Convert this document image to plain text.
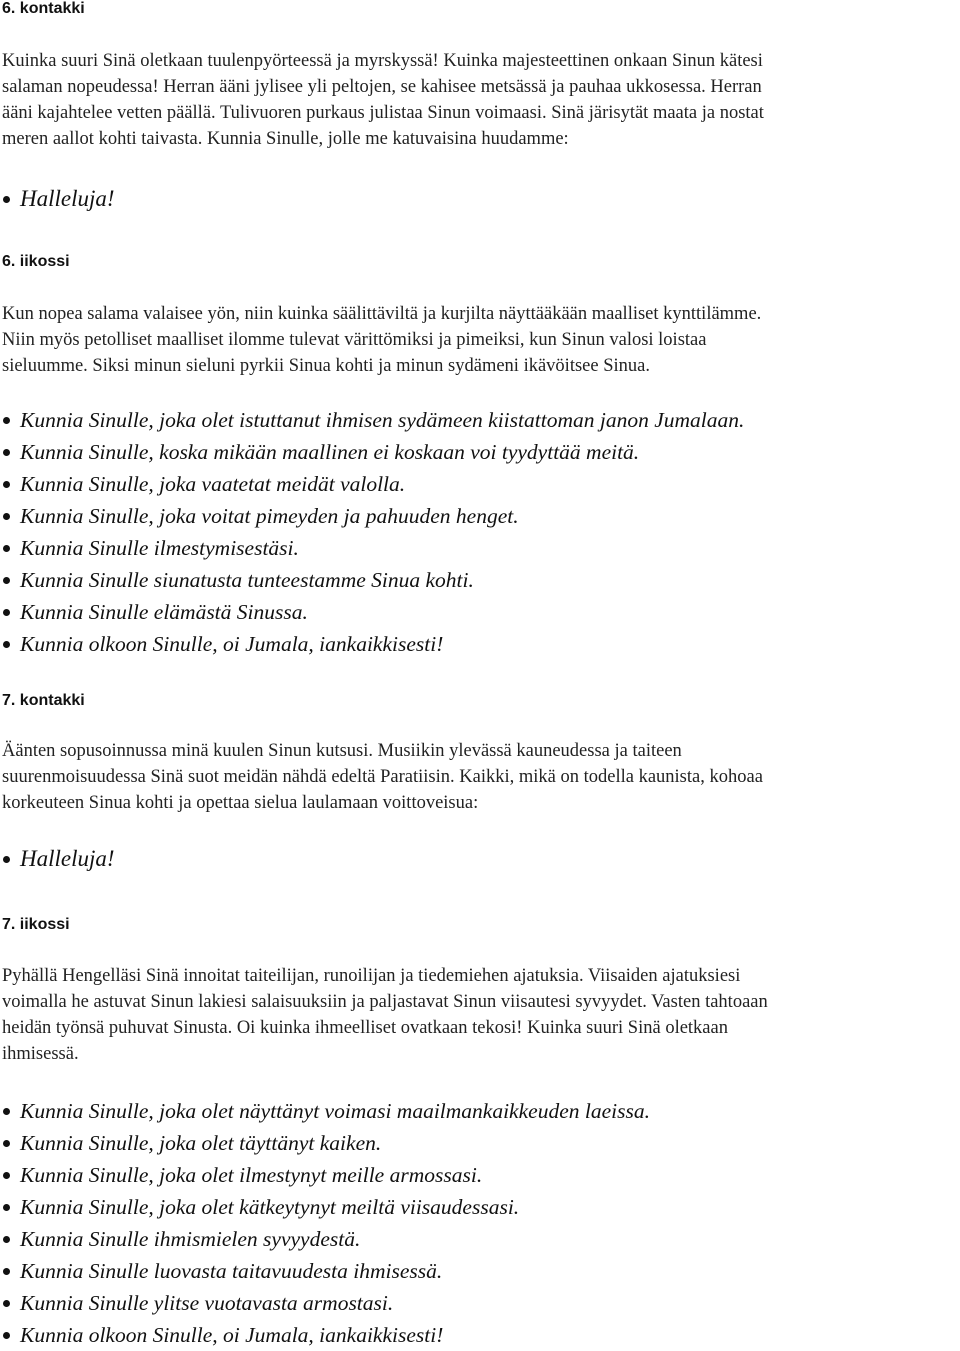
6. kontakki
Kuinka suuri Sinä oletkaan tuulenpyörteessä ja myrskyssä! Kuinka majesteettinen onkaan Sinun kätesi
salaman nopeudessa! Herran ääni jylisee yli peltojen, se kahisee metsässä ja pauhaa ukkosessa. Herran
ääni kajahtelee vetten päällä. Tulivuoren purkaus julistaa Sinun voimaasi. Sinä järisytät maata ja nostat
meren aallot kohti taivasta. Kunnia Sinulle, jolle me katuvaisina huudamme:
Halleluja!
6. iikossi
Kun nopea salama valaisee yön, niin kuinka säälittäviltä ja kurjilta näyttääkään maalliset kynttilämme.
Niin myös petolliset maalliset ilomme tulevat värittömiksi ja pimeiksi, kun Sinun valosi loistaa
sieluumme. Siksi minun sieluni pyrkii Sinua kohti ja minun sydämeni ikävöitsee Sinua.
Kunnia Sinulle, joka olet istuttanut ihmisen sydämeen kiistattoman janon Jumalaan.
Kunnia Sinulle, koska mikään maallinen ei koskaan voi tyydyttää meitä.
Kunnia Sinulle, joka vaatetat meidät valolla.
Kunnia Sinulle, joka voitat pimeyden ja pahuuden henget.
Kunnia Sinulle ilmestymisestäsi.
Kunnia Sinulle siunatusta tunteestamme Sinua kohti.
Kunnia Sinulle elämästä Sinussa.
Kunnia olkoon Sinulle, oi Jumala, iankaikkisesti!
7. kontakki
Äänten sopusoinnussa minä kuulen Sinun kutsusi. Musiikin ylevässä kauneudessa ja taiteen
suurenmoisuudessa Sinä suot meidän nähdä edeltä Paratiisin. Kaikki, mikä on todella kaunista, kohoaa
korkeuteen Sinua kohti ja opettaa sielua laulamaan voittoveisua:
Halleluja!
7. iikossi
Pyhällä Hengelläsi Sinä innoitat taiteilijan, runoilijan ja tiedemiehen ajatuksia. Viisaiden ajatuksiesi
voimalla he astuvat Sinun lakiesi salaisuuksiin ja paljastavat Sinun viisautesi syvyydet. Vasten tahtoaan
heidän työnsä puhuvat Sinusta. Oi kuinka ihmeelliset ovatkaan tekosi! Kuinka suuri Sinä oletkaan
ihmisessä.
Kunnia Sinulle, joka olet näyttänyt voimasi maailmankaikkeuden laeissa.
Kunnia Sinulle, joka olet täyttänyt kaiken.
Kunnia Sinulle, joka olet ilmestynyt meille armossasi.
Kunnia Sinulle, joka olet kätkeytynyt meiltä viisaudessasi.
Kunnia Sinulle ihmismielen syvyydestä.
Kunnia Sinulle luovasta taitavuudesta ihmisessä.
Kunnia Sinulle ylitse vuotavasta armostasi.
Kunnia olkoon Sinulle, oi Jumala, iankaikkisesti!
